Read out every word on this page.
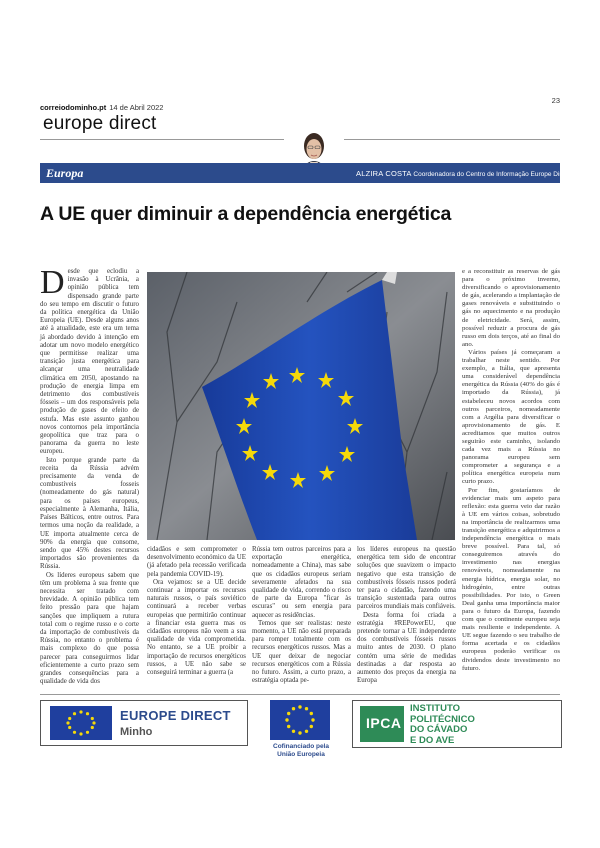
correiodominho.pt 14 de Abril 2022
23
europe direct
Europa	ALZIRA COSTA Coordenadora do Centro de Informação Europe Direct do Minho
A UE quer diminuir a dependência energética
Desde que eclodiu a invasão à Ucrânia, a opinião pública tem dispensado grande parte do seu tempo em discutir o futuro da política energética da União Europeia (UE). Desde alguns anos até à atualidade, este era um tema já abordado devido à intenção em adotar um novo modelo energético que permitisse realizar uma transição justa energética para alcançar uma neutralidade climática em 2050, apostando na produção de energia limpa em detrimento dos combustíveis fósseis – um dos responsáveis pela produção de gases de efeito de estufa. Mas este assunto ganhou novos contornos pela importância geopolítica que traz para o panorama da guerra no leste europeu.
Isto porque grande parte da receita da Rússia advém precisamente da venda de combustíveis fosseis (nomeadamente do gás natural) para os países europeus, especialmente à Alemanha, Itália, Países Bálticos, entre outros. Para termos uma noção da realidade, a UE importa atualmente cerca de 90% da energia que consome, sendo que 45% destes recursos importados são provenientes da Rússia.
Os líderes europeus sabem que têm um problema à sua frente que necessita ser tratado com brevidade. A opinião pública tem feito pressão para que hajam sanções que impliquem a rutura total com o regime russo e o corte da importação de combustíveis da Rússia, no entanto o problema é mais complexo do que possa parecer para conseguirmos lidar eficientemente a curto prazo sem grandes consequências para a qualidade de vida dos
cidadãos e sem comprometer o desenvolvimento económico da UE (já afetado pela recessão verificada pela pandemia COVID-19).
Ora vejamos: se a UE decide continuar a importar os recursos naturais russos, o país soviético continuará a receber verbas europeias que permitirão continuar a financiar esta guerra mas os cidadãos europeus não veem a sua qualidade de vida comprometida. No entanto, se a UE proibir a importação de recursos energéticos russos, a UE não sabe se conseguirá terminar a guerra (a
Rússia tem outros parceiros para a exportação energética, nomeadamente a China), mas sabe que os cidadãos europeus seriam severamente afetados na sua qualidade de vida, correndo o risco de parte da Europa "ficar às escuras" ou sem energia para aquecer as residências.
Temos que ser realistas: neste momento, a UE não está preparada para romper totalmente com os recursos energéticos russos. Mas a UE quer deixar de negociar recursos energéticos com a Rússia no futuro. Assim, a curto prazo, a estratégia optada pe-
los líderes europeus na questão energética tem sido de encontrar soluções que suavizem o impacto negativo que esta transição de combustíveis fósseis russos poderá ter para o cidadão, fazendo uma transição sustentada para outros parceiros mundiais mais confiáveis.
Desta forma foi criada a estratégia #REPowerEU, que pretende tornar a UE independente dos combustíveis fósseis russos muito antes de 2030. O plano contém uma série de medidas destinadas a dar resposta ao aumento dos preços da energia na Europa
e a reconstituir as reservas de gás para o próximo inverno, diversificando o aprovisionamento de gás, acelerando a implantação de gases renováveis e substituindo o gás no aquecimento e na produção de eletricidade. Será, assim, possível reduzir a procura de gás russo em dois terços, até ao final do ano.
Vários países já começaram a trabalhar neste sentido. Por exemplo, a Itália, que apresenta uma considerável dependência energética da Rússia (40% do gás é importado da Rússia), já estabeleceu novos acordos com outros parceiros, nomeadamente com a Argélia para diversificar o aprovisionamento de gás. E acreditamos que muitos outros seguirão este caminho, isolando cada vez mais a Rússia no panorama europeu sem comprometer a segurança e a política energética europeia num curto prazo.
Por fim, gostaríamos de evidenciar mais um aspeto para reflexão: esta guerra veio dar razão à UE em vários coisas, sobretudo na importância de realizarmos uma transição energética e adquirirmos a independência energética o mais breve possível. Para tal, só conseguiremos através do investimento nas energias renováveis, nomeadamente na energia hídrica, energia solar, no hidrogénio, entre outras possibilidades. Por isto, o Green Deal ganha uma importância maior para o futuro da Europa, fazendo com que o continente europeu seja mais resiliente e independente. A UE segue fazendo o seu trabalho de forma acertada e os cidadãos europeus poderão verificar os dividendos deste investimento no futuro.
EUROPE DIRECT
Minho
Cofinanciado pela
União Europeia
IPCA
INSTITUTO
POLITÉCNICO
DO CÁVADO
E DO AVE
